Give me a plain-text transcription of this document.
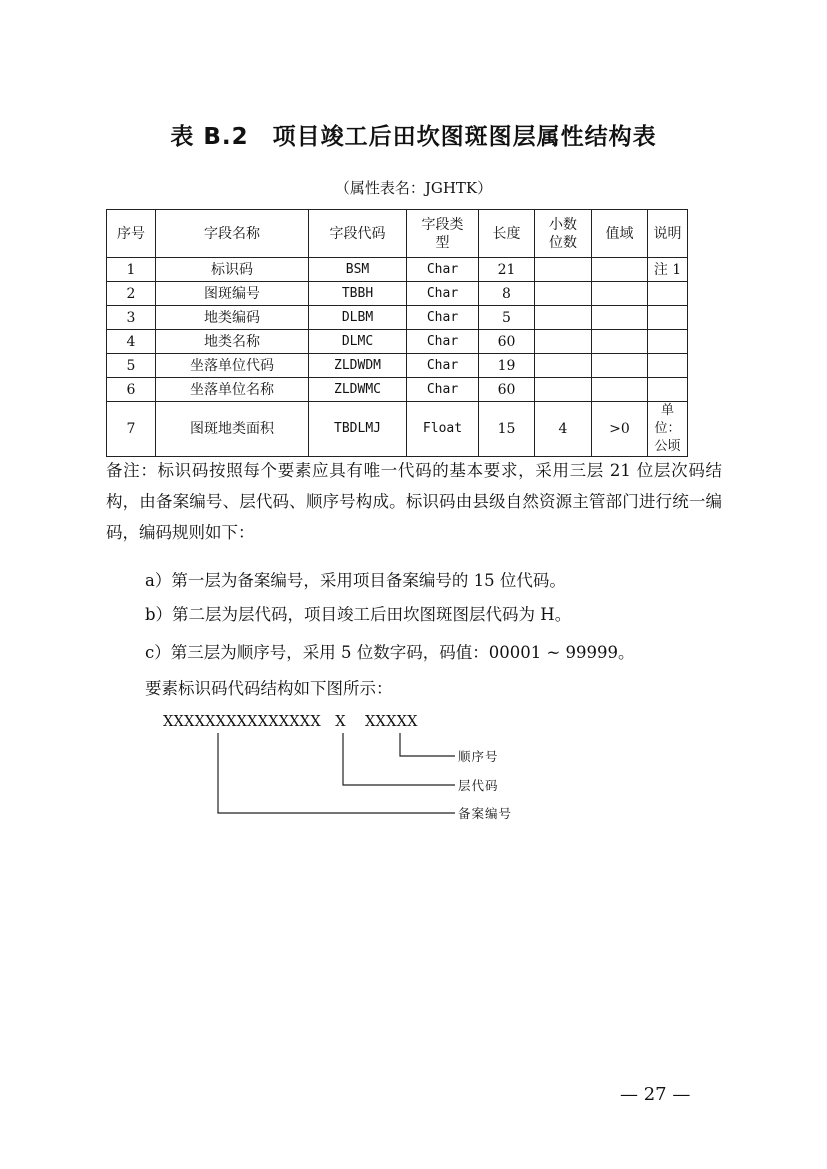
表 B.2　项目竣工后田坎图斑图层属性结构表
（属性表名：JGHTK）
序号	字段名称	字段代码	字段类型	长度	小数位数	值域	说明
1	标识码	BSM	Char	21			注 1
2	图斑编号	TBBH	Char	8			
3	地类编码	DLBM	Char	5			
4	地类名称	DLMC	Char	60			
5	坐落单位代码	ZLDWDM	Char	19			
6	坐落单位名称	ZLDWMC	Char	60			
7	图斑地类面积	TBDLMJ	Float	15	4	>0	单位：公顷
备注：标识码按照每个要素应具有唯一代码的基本要求，采用三层 21 位层次码结构，由备案编号、层代码、顺序号构成。标识码由县级自然资源主管部门进行统一编码，编码规则如下：
a）第一层为备案编号，采用项目备案编号的 15 位代码。
b）第二层为层代码，项目竣工后田坎图斑图层代码为 H。
c）第三层为顺序号，采用 5 位数字码，码值：00001 ~ 99999。
要素标识码代码结构如下图所示：
XXXXXXXXXXXXXXX   X    XXXXX
顺序号
层代码
备案编号
— 27 —
